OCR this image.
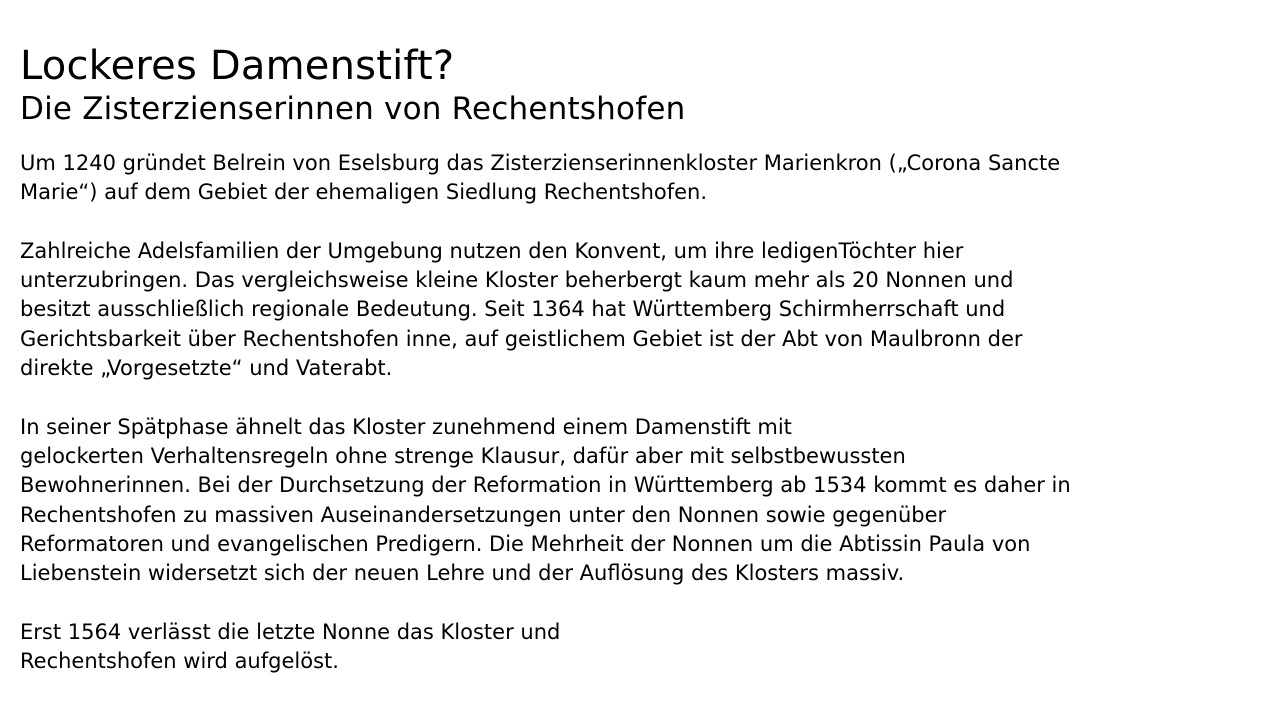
Lockeres Damenstift?
Die Zisterzienserinnen von Rechentshofen

Um 1240 gründet Belrein von Eselsburg das Zisterzienserinnenkloster Marienkron („Corona Sancte
Marie“) auf dem Gebiet der ehemaligen Siedlung Rechentshofen.

Zahlreiche Adelsfamilien der Umgebung nutzen den Konvent, um ihre ledigenTöchter hier
unterzubringen. Das vergleichsweise kleine Kloster beherbergt kaum mehr als 20 Nonnen und
besitzt ausschließlich regionale Bedeutung. Seit 1364 hat Württemberg Schirmherrschaft und
Gerichtsbarkeit über Rechentshofen inne, auf geistlichem Gebiet ist der Abt von Maulbronn der
direkte „Vorgesetzte“ und Vaterabt.

In seiner Spätphase ähnelt das Kloster zunehmend einem Damenstift mit
gelockerten Verhaltensregeln ohne strenge Klausur, dafür aber mit selbstbewussten
Bewohnerinnen. Bei der Durchsetzung der Reformation in Württemberg ab 1534 kommt es daher in
Rechentshofen zu massiven Auseinandersetzungen unter den Nonnen sowie gegenüber
Reformatoren und evangelischen Predigern. Die Mehrheit der Nonnen um die Abtissin Paula von
Liebenstein widersetzt sich der neuen Lehre und der Auflösung des Klosters massiv.

Erst 1564 verlässt die letzte Nonne das Kloster und
Rechentshofen wird aufgelöst.
